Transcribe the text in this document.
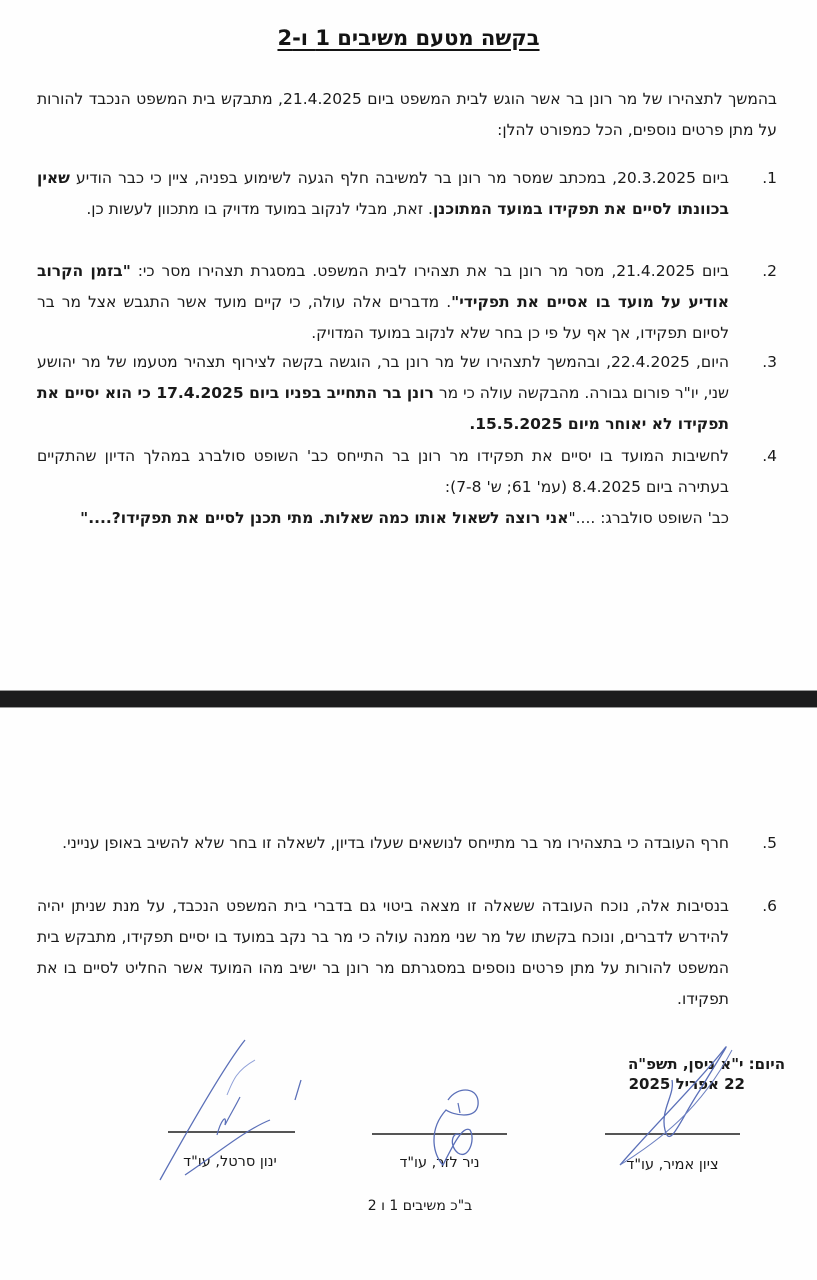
בקשה מטעם משיבים 1 ו-2

בהמשך לתצהירו של מר רונן בר אשר הוגש לבית המשפט ביום 21.4.2025, מתבקש בית המשפט הנכבד להורות על מתן פרטים נוספים, הכל כמפורט להלן:

1.
ביום 20.3.2025, במכתב שמסר מר רונן בר למשיבה חלף הגעה לשימוע בפניה, ציין כי כבר הודיע שאין בכוונתו לסיים את תפקידו במועד המתוכנן. זאת, מבלי לנקוב במועד מדויק בו מתכוון לעשות כן.
2.
ביום 21.4.2025, מסר מר רונן בר את תצהירו לבית המשפט. במסגרת תצהירו מסר כי: "בזמן הקרוב אודיע על מועד בו אסיים את תפקידי". מדברים אלה עולה, כי קיים מועד אשר התגבש אצל מר בר לסיום תפקידו, אך אף על פי כן בחר שלא לנקוב במועד המדויק.
3.
היום, 22.4.2025, ובהמשך לתצהירו של מר רונן בר, הוגשה בקשה לצירוף תצהיר מטעמו של מר יהושע שני, יו"ר פורום גבורה. מהבקשה עולה כי מר רונן בר התחייב בפניו ביום 17.4.2025 כי הוא יסיים את תפקידו לא יאוחר מיום 15.5.2025.
4.
לחשיבות המועד בו יסיים את תפקידו מר רונן בר התייחס כב' השופט סולברג במהלך הדיון שהתקיים בעתירה ביום 8.4.2025 (עמ' 61; ש' 7-8):
כב' השופט סולברג: ...."אני רוצה לשאול אותו כמה שאלות. מתי תכנן לסיים את תפקידו?...."
5.
חרף העובדה כי בתצהירו מר בר מתייחס לנושאים שעלו בדיון, לשאלה זו בחר שלא להשיב באופן ענייני.
6.
בנסיבות אלה, נוכח העובדה ששאלה זו מצאה ביטוי גם בדברי בית המשפט הנכבד, על מנת שניתן יהיה להידרש לדברים, ונוכח בקשתו של מר שני ממנה עולה כי מר בר נקב במועד בו יסיים תפקידו, מתבקש בית המשפט להורות על מתן פרטים נוספים במסגרתם מר רונן בר ישיב מהו המועד אשר החליט לסיים בו את תפקידו.
היום: י"א ניסן, תשפ"ה
22 אפריל 2025
ציון אמיר, עו"ד
ניר לזר, עו"ד
ינון סרטל, עו"ד
ב"כ משיבים 1 ו 2
